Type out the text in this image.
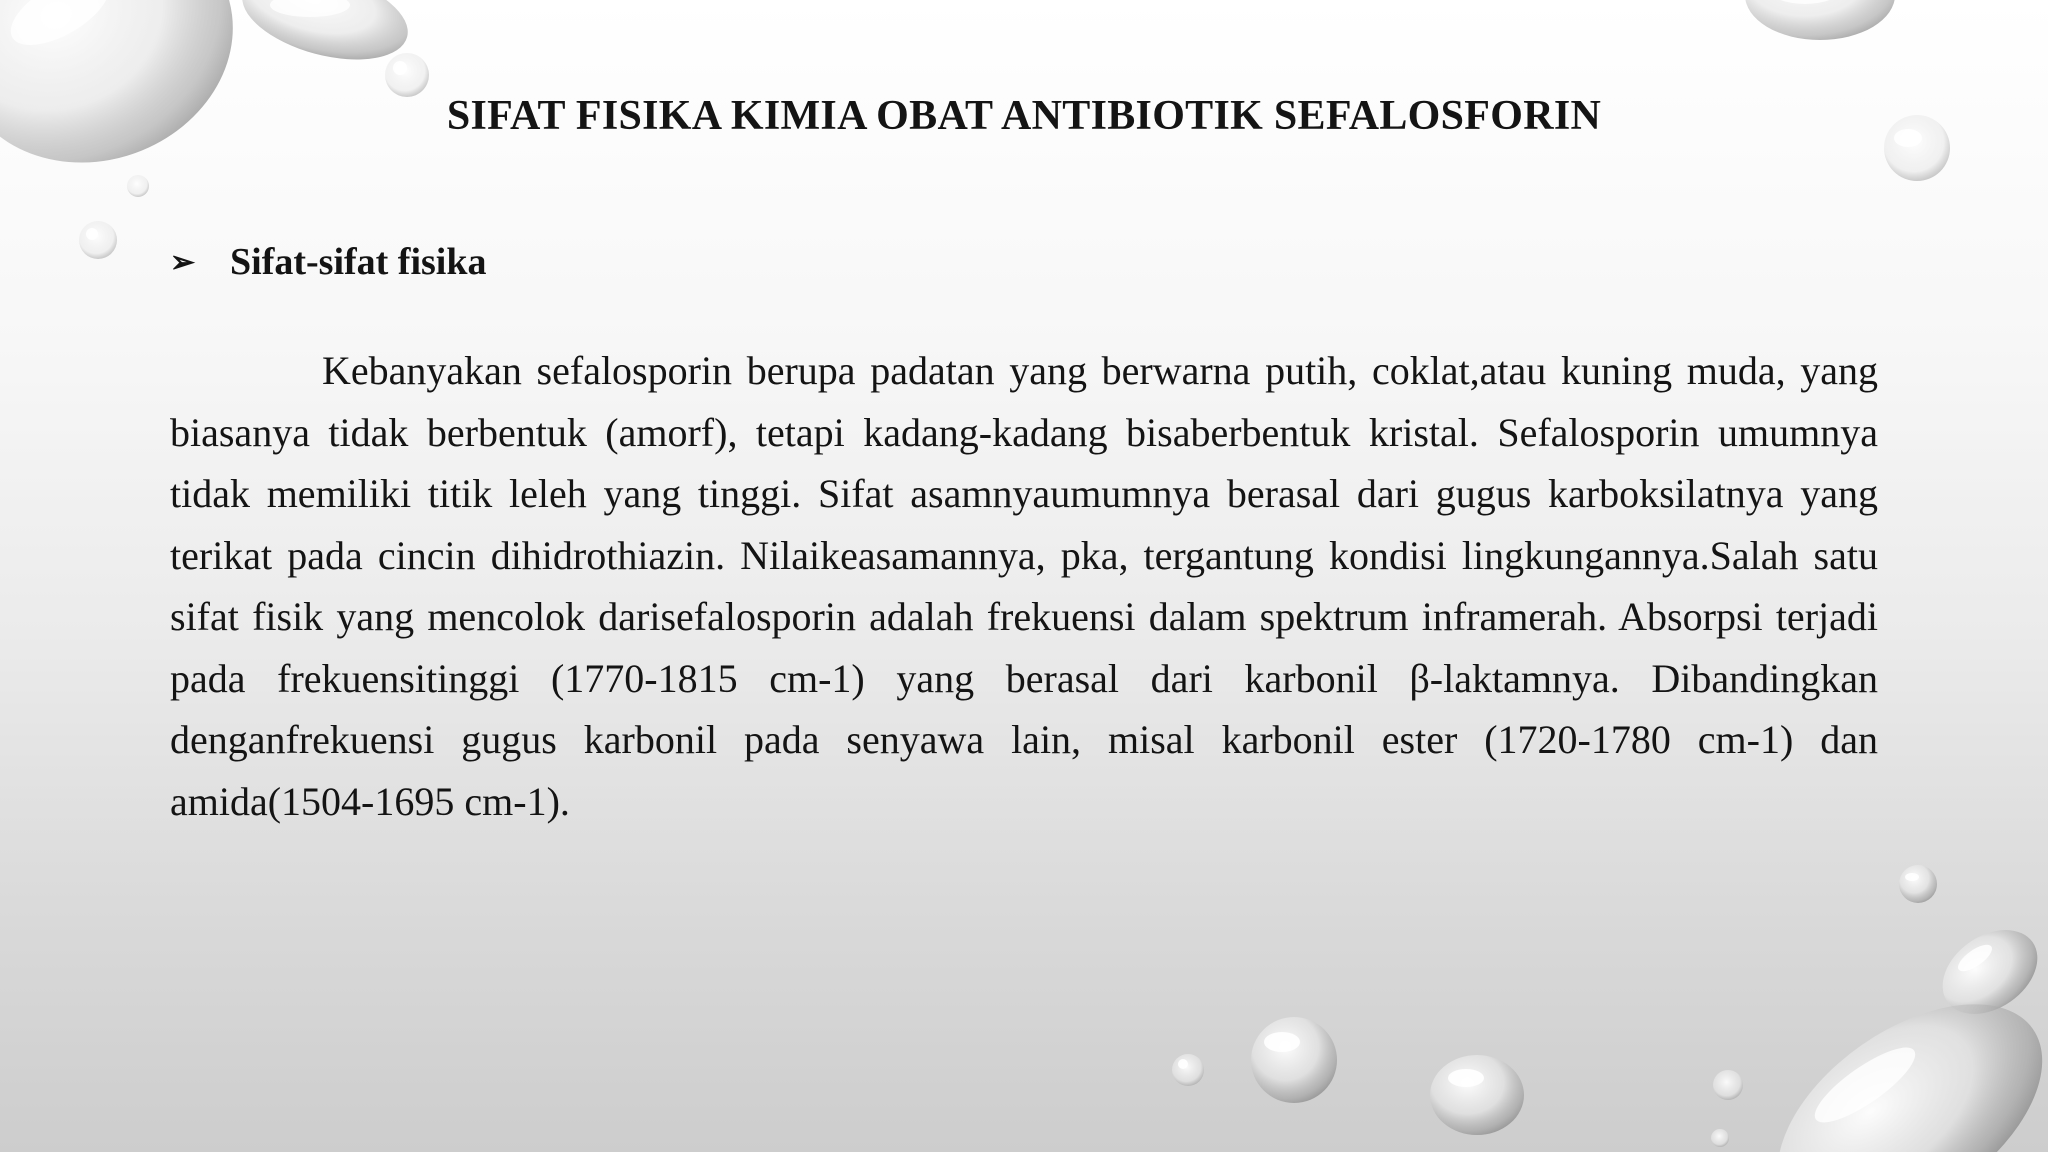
SIFAT FISIKA KIMIA OBAT ANTIBIOTIK SEFALOSFORIN
➢ Sifat-sifat fisika

Kebanyakan sefalosporin berupa padatan yang berwarna putih, coklat,atau kuning muda, yang biasanya tidak berbentuk (amorf), tetapi kadang-kadang bisaberbentuk kristal. Sefalosporin umumnya tidak memiliki titik leleh yang tinggi. Sifat asamnyaumumnya berasal dari gugus karboksilatnya yang terikat pada cincin dihidrothiazin. Nilaikeasamannya, pka, tergantung kondisi lingkungannya.Salah satu sifat fisik yang mencolok darisefalosporin adalah frekuensi dalam spektrum inframerah. Absorpsi terjadi pada frekuensitinggi (1770-1815 cm-1) yang berasal dari karbonil β-laktamnya. Dibandingkan denganfrekuensi gugus karbonil pada senyawa lain, misal karbonil ester (1720-1780 cm-1) dan amida(1504-1695 cm-1).
